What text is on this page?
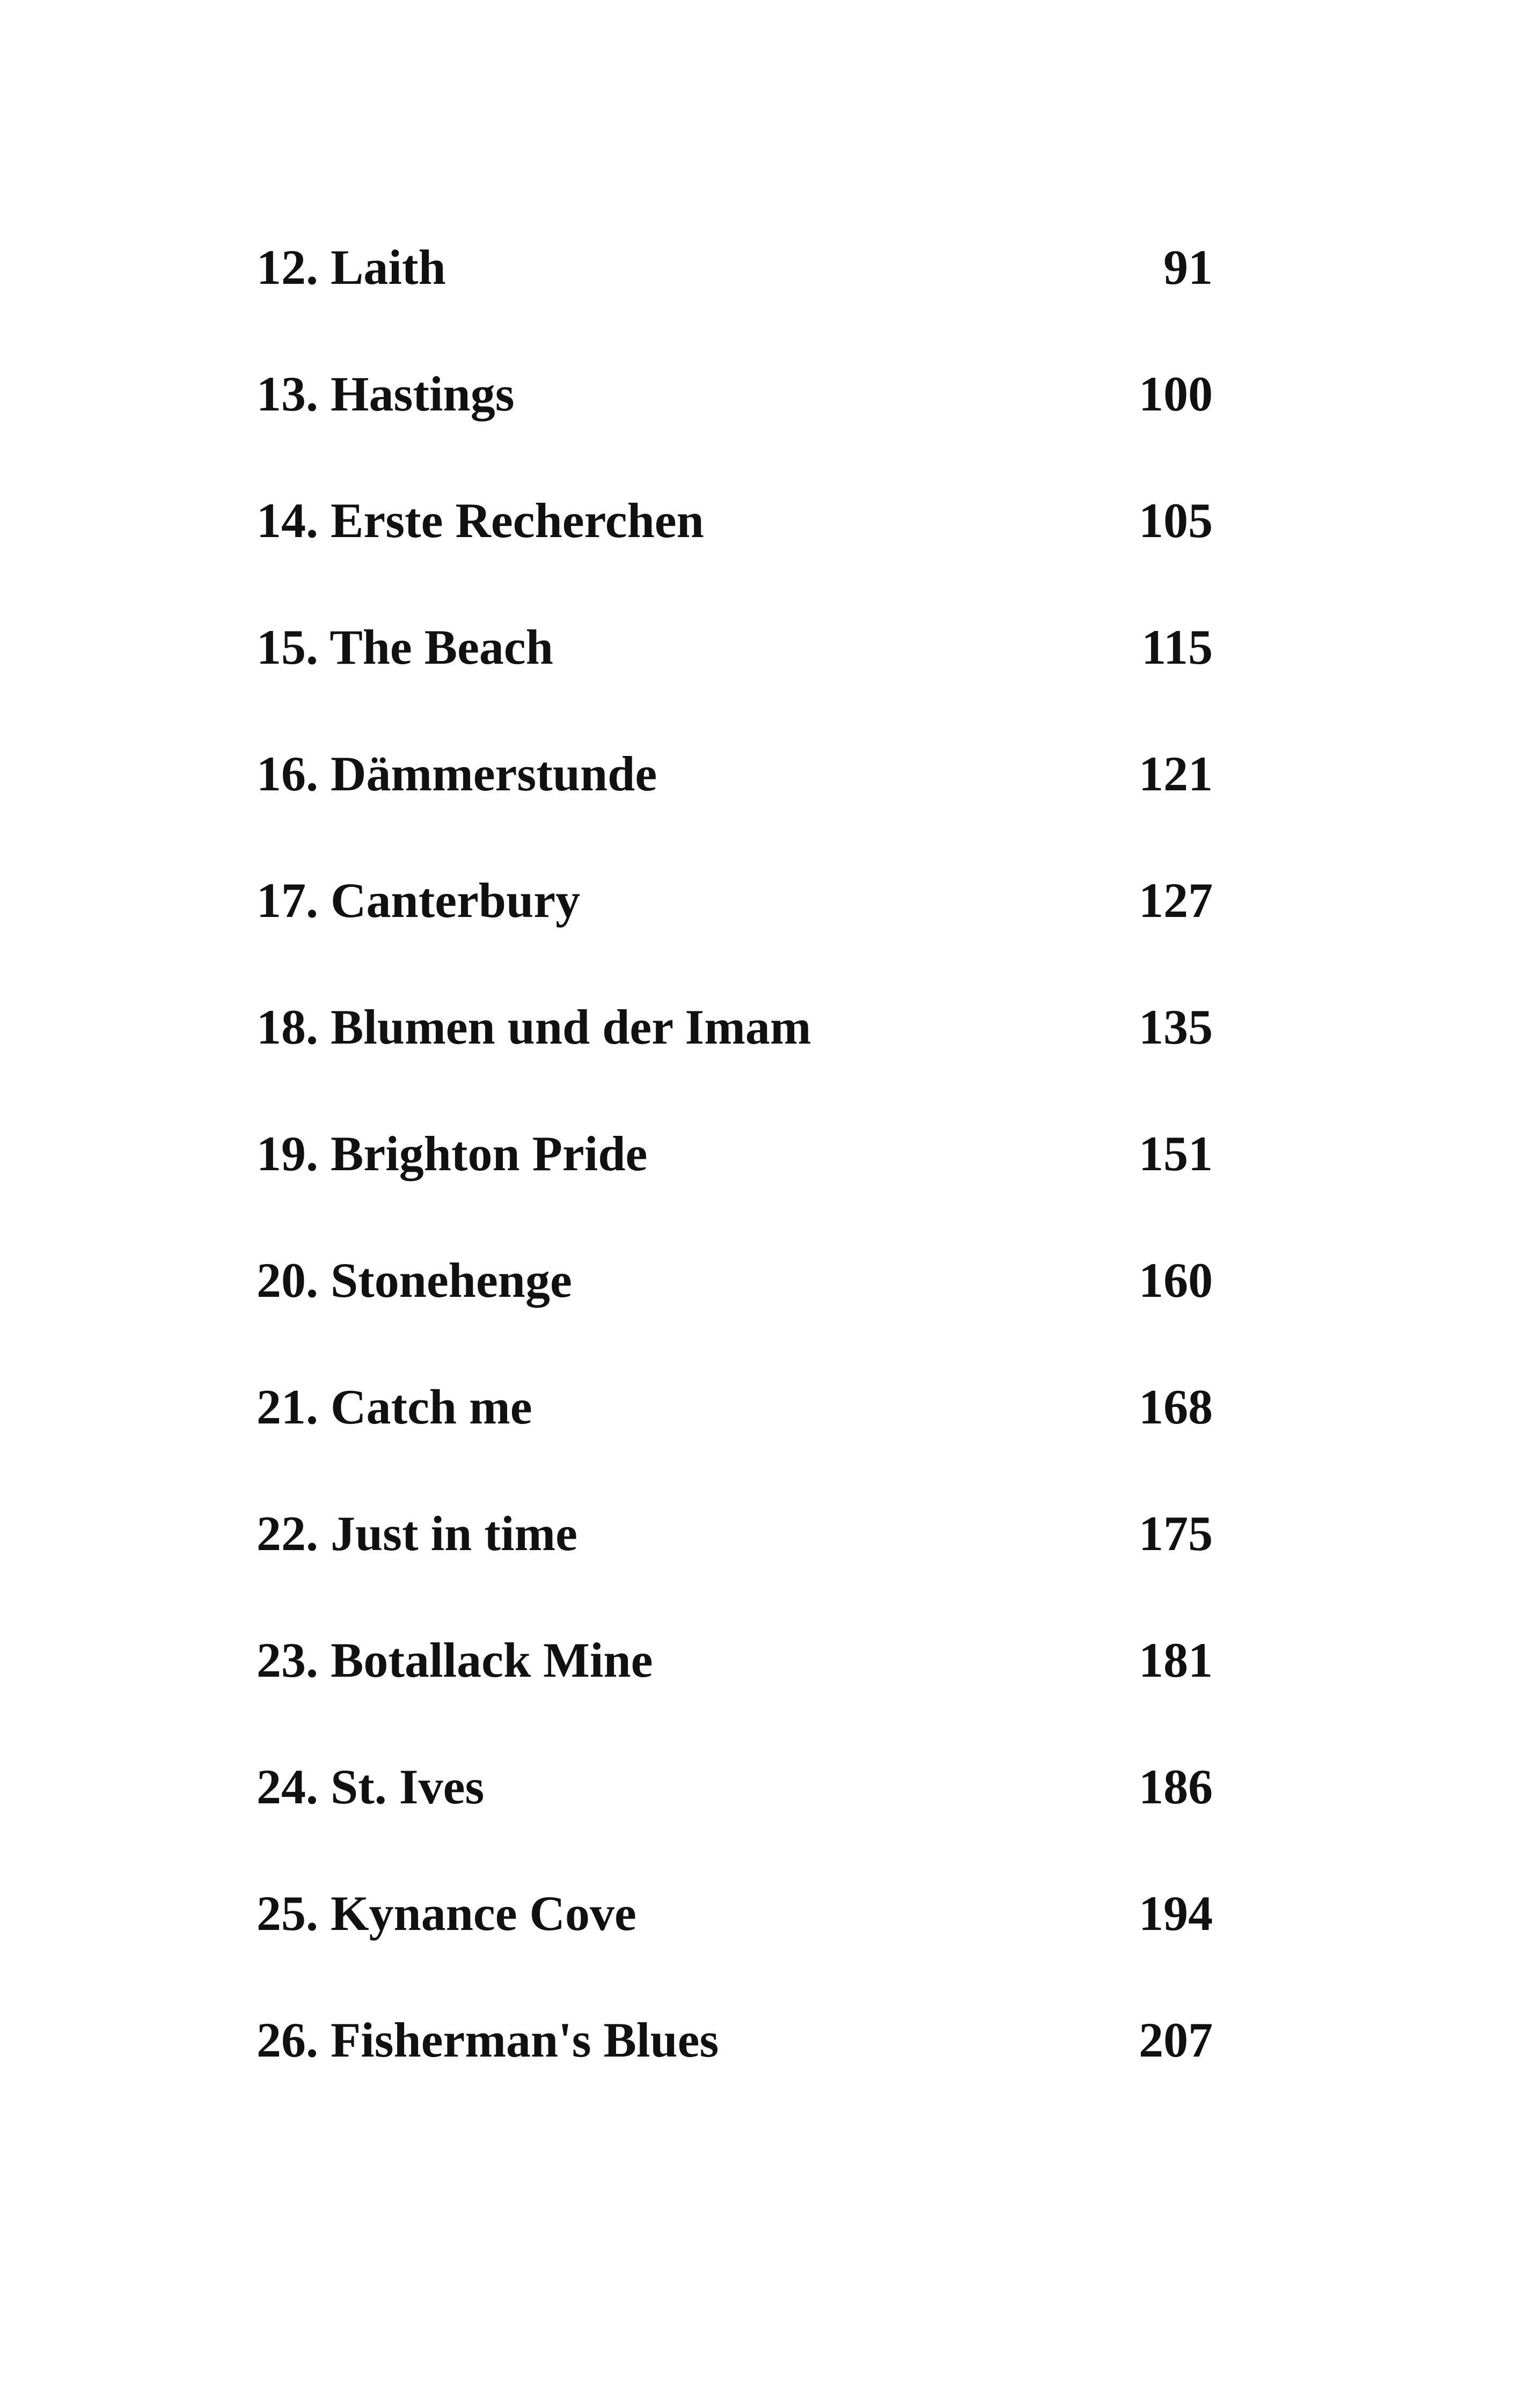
12. Laith	91
13. Hastings	100
14. Erste Recherchen	105
15. The Beach	115
16. Dämmerstunde	121
17. Canterbury	127
18. Blumen und der Imam	135
19. Brighton Pride	151
20. Stonehenge	160
21. Catch me	168
22. Just in time	175
23. Botallack Mine	181
24. St. Ives	186
25. Kynance Cove	194
26. Fisherman's Blues	207
